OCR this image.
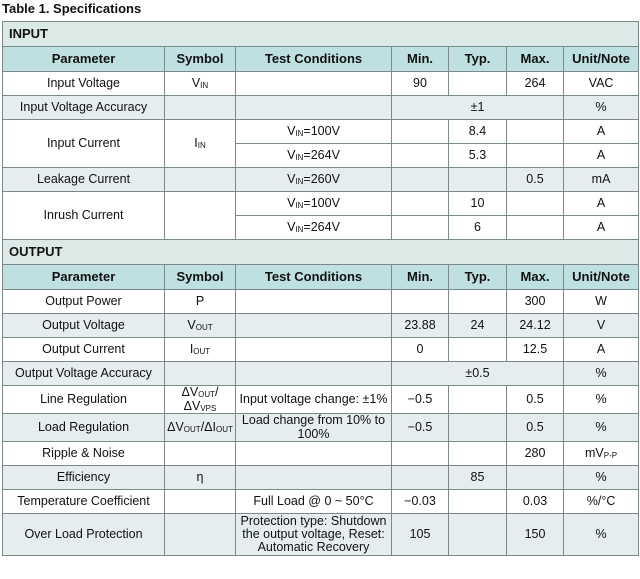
Table 1. Specifications
INPUT						
Parameter	Symbol	Test Conditions	Min.	Typ.	Max.	Unit/Note
Input Voltage	$V_{IN}$		90		264	VAC
Input Voltage Accuracy			±1			%
Input Current	$I_{IN}$	$V_{IN}=100V$		8.4		A
		$V_{IN}=264V$		5.3		A
Leakage Current		$V_{IN}=260V$			0.5	mA
Inrush Current		$V_{IN}=100V$		10		A
		$V_{IN}=264V$		6		A
OUTPUT						
Parameter	Symbol	Test Conditions	Min.	Typ.	Max.	Unit/Note
Output Power	P				300	W
Output Voltage	$V_{OUT}$		23.88	24	24.12	V
Output Current	$I_{OUT}$		0		12.5	A
Output Voltage Accuracy			±0.5			%
Line Regulation	$\Delta V_{OUT}/\Delta V_{VPS}$	Input voltage change: ±1%	−0.5		0.5	%
Load Regulation	$\Delta V_{OUT}/\Delta I_{OUT}$	Load change from 10% to 100%	−0.5		0.5	%
Ripple & Noise					280	$mV_{P-P}$
Efficiency	η			85		%
Temperature Coefficient		Full Load @ 0 ~ 50°C	−0.03		0.03	%/°C
Over Load Protection		Protection type: Shutdown the output voltage, Reset: Automatic Recovery	105		150	%
